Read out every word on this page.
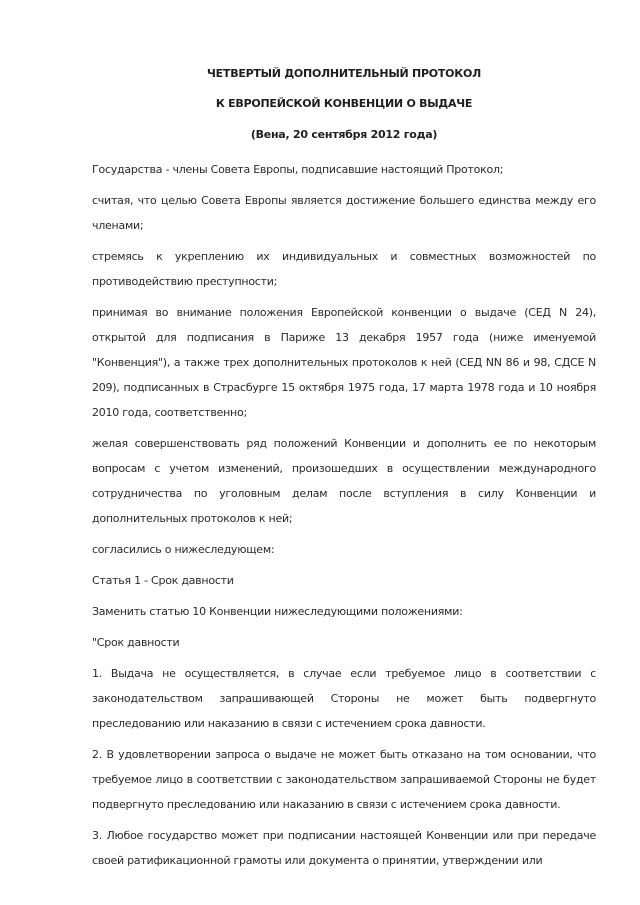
ЧЕТВЕРТЫЙ ДОПОЛНИТЕЛЬНЫЙ ПРОТОКОЛ

К ЕВРОПЕЙСКОЙ КОНВЕНЦИИ О ВЫДАЧЕ

(Вена, 20 сентября 2012 года)

Государства - члены Совета Европы, подписавшие настоящий Протокол;

считая, что целью Совета Европы является достижение большего единства между его членами;

стремясь к укреплению их индивидуальных и совместных возможностей по противодействию преступности;

принимая во внимание положения Европейской конвенции о выдаче (СЕД N 24), открытой для подписания в Париже 13 декабря 1957 года (ниже именуемой "Конвенция"), а также трех дополнительных протоколов к ней (СЕД NN 86 и 98, СДСЕ N 209), подписанных в Страсбурге 15 октября 1975 года, 17 марта 1978 года и 10 ноября 2010 года, соответственно;

желая совершенствовать ряд положений Конвенции и дополнить ее по некоторым вопросам с учетом изменений, произошедших в осуществлении международного сотрудничества по уголовным делам после вступления в силу Конвенции и дополнительных протоколов к ней;

согласились о нижеследующем:

Статья 1 - Срок давности

Заменить статью 10 Конвенции нижеследующими положениями:

"Срок давности

1. Выдача не осуществляется, в случае если требуемое лицо в соответствии с законодательством запрашивающей Стороны не может быть подвергнуто преследованию или наказанию в связи с истечением срока давности.

2. В удовлетворении запроса о выдаче не может быть отказано на том основании, что требуемое лицо в соответствии с законодательством запрашиваемой Стороны не будет подвергнуто преследованию или наказанию в связи с истечением срока давности.

3. Любое государство может при подписании настоящей Конвенции или при передаче своей ратификационной грамоты или документа о принятии, утверждении или
